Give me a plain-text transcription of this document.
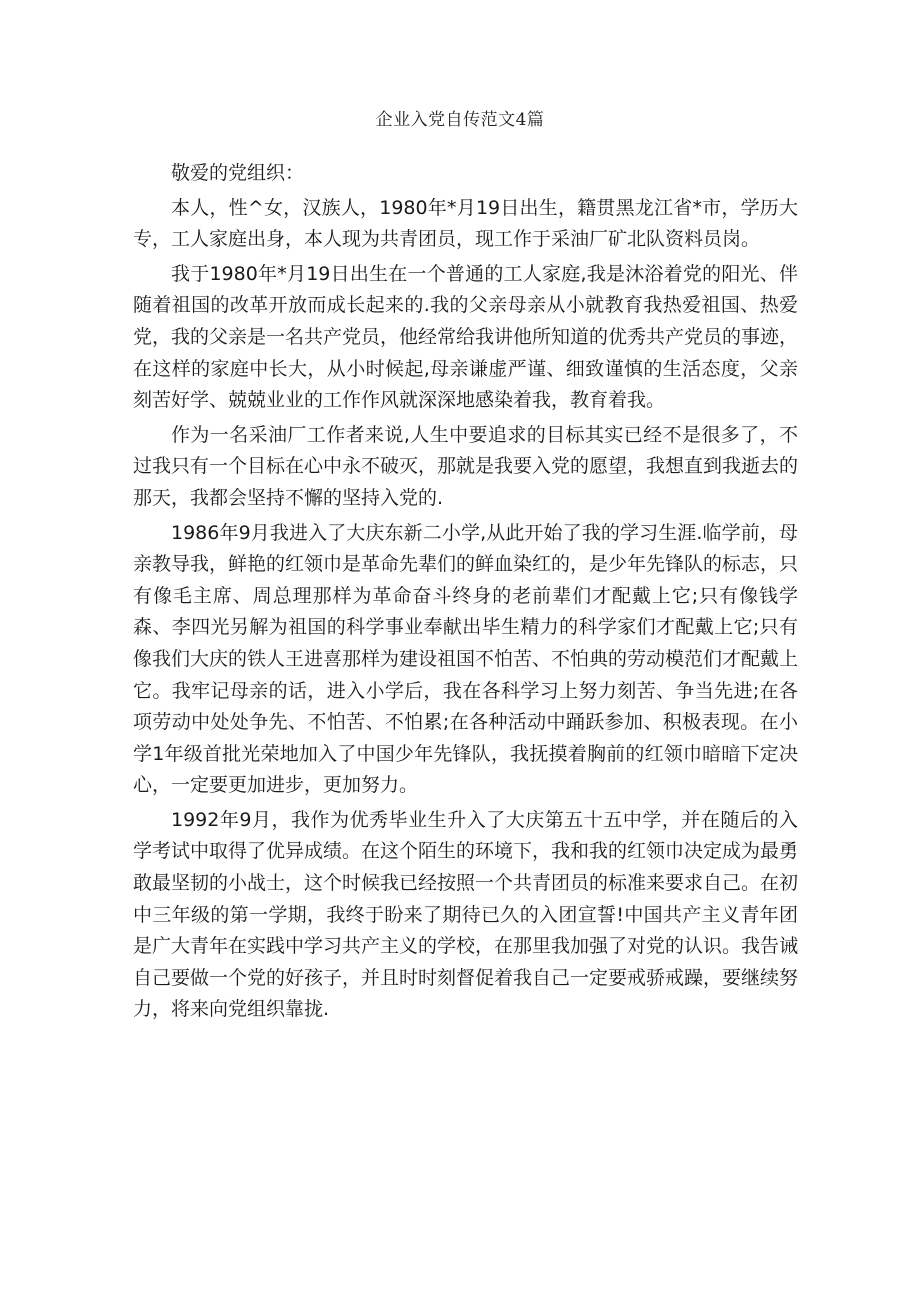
企业入党自传范文4篇

敬爱的党组织：

本人，性^女，汉族人，1980年*月19日出生，籍贯黑龙江省*市，学历大专，工人家庭出身，本人现为共青团员，现工作于采油厂矿北队资料员岗。

我于1980年*月19日出生在一个普通的工人家庭,我是沐浴着党的阳光、伴随着祖国的改革开放而成长起来的.我的父亲母亲从小就教育我热爱祖国、热爱党，我的父亲是一名共产党员，他经常给我讲他所知道的优秀共产党员的事迹，在这样的家庭中长大，从小时候起,母亲谦虚严谨、细致谨慎的生活态度，父亲刻苦好学、兢兢业业的工作作风就深深地感染着我，教育着我。

作为一名采油厂工作者来说,人生中要追求的目标其实已经不是很多了，不过我只有一个目标在心中永不破灭，那就是我要入党的愿望，我想直到我逝去的那天，我都会坚持不懈的坚持入党的.

1986年9月我进入了大庆东新二小学,从此开始了我的学习生涯.临学前，母亲教导我，鲜艳的红领巾是革命先辈们的鲜血染红的，是少年先锋队的标志，只有像毛主席、周总理那样为革命奋斗终身的老前辈们才配戴上它;只有像钱学森、李四光另解为祖国的科学事业奉献出毕生精力的科学家们才配戴上它;只有像我们大庆的铁人王进喜那样为建设祖国不怕苦、不怕典的劳动模范们才配戴上它。我牢记母亲的话，进入小学后，我在各科学习上努力刻苦、争当先进;在各项劳动中处处争先、不怕苦、不怕累;在各种活动中踊跃参加、积极表现。在小学1年级首批光荣地加入了中国少年先锋队，我抚摸着胸前的红领巾暗暗下定决心，一定要更加进步，更加努力。

1992年9月，我作为优秀毕业生升入了大庆第五十五中学，并在随后的入学考试中取得了优异成绩。在这个陌生的环境下，我和我的红领巾决定成为最勇敢最坚韧的小战士，这个时候我已经按照一个共青团员的标准来要求自己。在初中三年级的第一学期，我终于盼来了期待已久的入团宣誓!中国共产主义青年团是广大青年在实践中学习共产主义的学校，在那里我加强了对党的认识。我告诫自己要做一个党的好孩子，并且时时刻督促着我自己一定要戒骄戒躁，要继续努力，将来向党组织靠拢.
